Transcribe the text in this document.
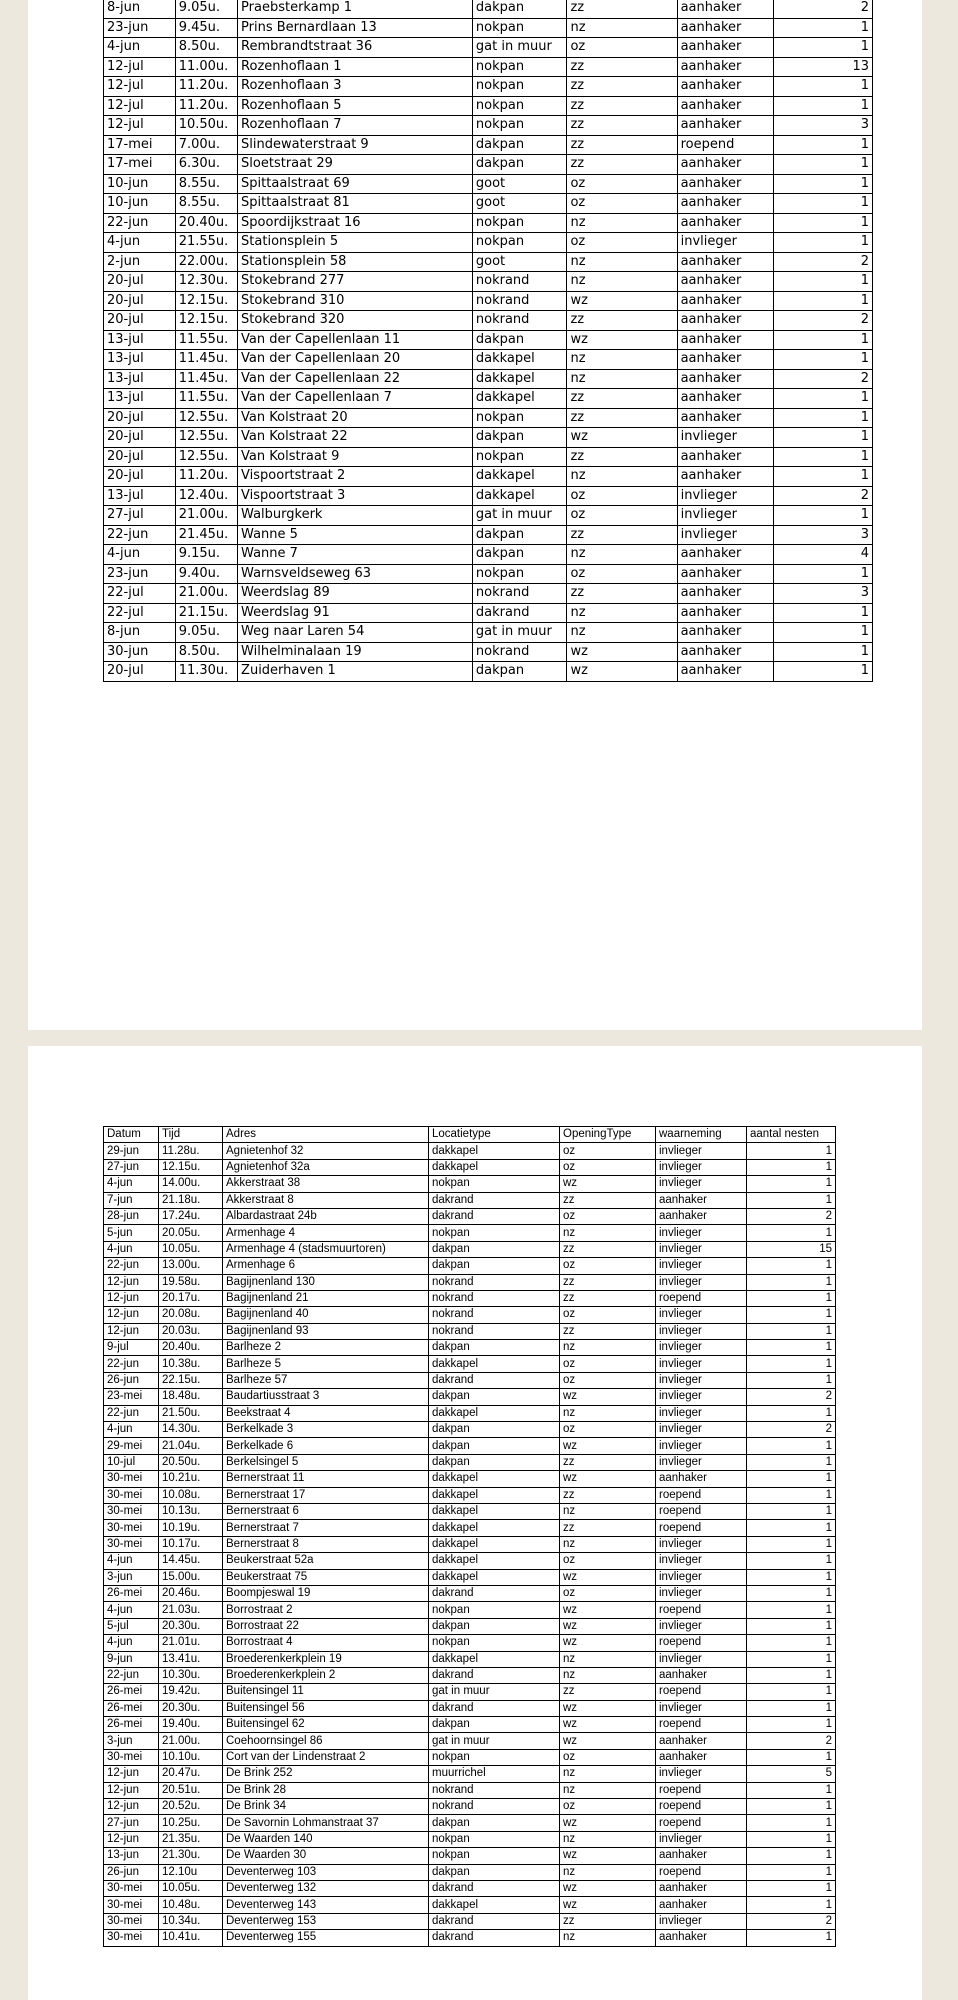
8-jun	9.05u.	Praebsterkamp 1	dakpan	zz	aanhaker	2
23-jun	9.45u.	Prins Bernardlaan 13	nokpan	nz	aanhaker	1
4-jun	8.50u.	Rembrandtstraat 36	gat in muur	oz	aanhaker	1
12-jul	11.00u.	Rozenhoflaan 1	nokpan	zz	aanhaker	13
12-jul	11.20u.	Rozenhoflaan 3	nokpan	zz	aanhaker	1
12-jul	11.20u.	Rozenhoflaan 5	nokpan	zz	aanhaker	1
12-jul	10.50u.	Rozenhoflaan 7	nokpan	zz	aanhaker	3
17-mei	7.00u.	Slindewaterstraat 9	dakpan	zz	roepend	1
17-mei	6.30u.	Sloetstraat 29	dakpan	zz	aanhaker	1
10-jun	8.55u.	Spittaalstraat 69	goot	oz	aanhaker	1
10-jun	8.55u.	Spittaalstraat 81	goot	oz	aanhaker	1
22-jun	20.40u.	Spoordijkstraat 16	nokpan	nz	aanhaker	1
4-jun	21.55u.	Stationsplein 5	nokpan	oz	invlieger	1
2-jun	22.00u.	Stationsplein 58	goot	nz	aanhaker	2
20-jul	12.30u.	Stokebrand 277	nokrand	nz	aanhaker	1
20-jul	12.15u.	Stokebrand 310	nokrand	wz	aanhaker	1
20-jul	12.15u.	Stokebrand 320	nokrand	zz	aanhaker	2
13-jul	11.55u.	Van der Capellenlaan 11	dakpan	wz	aanhaker	1
13-jul	11.45u.	Van der Capellenlaan 20	dakkapel	nz	aanhaker	1
13-jul	11.45u.	Van der Capellenlaan 22	dakkapel	nz	aanhaker	2
13-jul	11.55u.	Van der Capellenlaan 7	dakkapel	zz	aanhaker	1
20-jul	12.55u.	Van Kolstraat 20	nokpan	zz	aanhaker	1
20-jul	12.55u.	Van Kolstraat 22	dakpan	wz	invlieger	1
20-jul	12.55u.	Van Kolstraat 9	nokpan	zz	aanhaker	1
20-jul	11.20u.	Vispoortstraat 2	dakkapel	nz	aanhaker	1
13-jul	12.40u.	Vispoortstraat 3	dakkapel	oz	invlieger	2
27-jul	21.00u.	Walburgkerk	gat in muur	oz	invlieger	1
22-jun	21.45u.	Wanne 5	dakpan	zz	invlieger	3
4-jun	9.15u.	Wanne 7	dakpan	nz	aanhaker	4
23-jun	9.40u.	Warnsveldseweg 63	nokpan	oz	aanhaker	1
22-jul	21.00u.	Weerdslag 89	nokrand	zz	aanhaker	3
22-jul	21.15u.	Weerdslag 91	dakrand	nz	aanhaker	1
8-jun	9.05u.	Weg naar Laren 54	gat in muur	nz	aanhaker	1
30-jun	8.50u.	Wilhelminalaan 19	nokrand	wz	aanhaker	1
20-jul	11.30u.	Zuiderhaven 1	dakpan	wz	aanhaker	1
Datum	Tijd	Adres	Locatietype	OpeningType	waarneming	aantal nesten
29-jun	11.28u.	Agnietenhof 32	dakkapel	oz	invlieger	1
27-jun	12.15u.	Agnietenhof 32a	dakkapel	oz	invlieger	1
4-jun	14.00u.	Akkerstraat 38	nokpan	wz	invlieger	1
7-jun	21.18u.	Akkerstraat 8	dakrand	zz	aanhaker	1
28-jun	17.24u.	Albardastraat 24b	dakrand	oz	aanhaker	2
5-jun	20.05u.	Armenhage 4	nokpan	nz	invlieger	1
4-jun	10.05u.	Armenhage 4 (stadsmuurtoren)	dakpan	zz	invlieger	15
22-jun	13.00u.	Armenhage 6	dakpan	oz	invlieger	1
12-jun	19.58u.	Bagijnenland 130	nokrand	zz	invlieger	1
12-jun	20.17u.	Bagijnenland 21	nokrand	zz	roepend	1
12-jun	20.08u.	Bagijnenland 40	nokrand	oz	invlieger	1
12-jun	20.03u.	Bagijnenland 93	nokrand	zz	invlieger	1
9-jul	20.40u.	Barlheze 2	dakpan	nz	invlieger	1
22-jun	10.38u.	Barlheze 5	dakkapel	oz	invlieger	1
26-jun	22.15u.	Barlheze 57	dakrand	oz	invlieger	1
23-mei	18.48u.	Baudartiusstraat 3	dakpan	wz	invlieger	2
22-jun	21.50u.	Beekstraat 4	dakkapel	nz	invlieger	1
4-jun	14.30u.	Berkelkade 3	dakpan	oz	invlieger	2
29-mei	21.04u.	Berkelkade 6	dakpan	wz	invlieger	1
10-jul	20.50u.	Berkelsingel 5	dakpan	zz	invlieger	1
30-mei	10.21u.	Bernerstraat 11	dakkapel	wz	aanhaker	1
30-mei	10.08u.	Bernerstraat 17	dakkapel	zz	roepend	1
30-mei	10.13u.	Bernerstraat 6	dakkapel	nz	roepend	1
30-mei	10.19u.	Bernerstraat 7	dakkapel	zz	roepend	1
30-mei	10.17u.	Bernerstraat 8	dakkapel	nz	invlieger	1
4-jun	14.45u.	Beukerstraat 52a	dakkapel	oz	invlieger	1
3-jun	15.00u.	Beukerstraat 75	dakkapel	wz	invlieger	1
26-mei	20.46u.	Boompjeswal 19	dakrand	oz	invlieger	1
4-jun	21.03u.	Borrostraat 2	nokpan	wz	roepend	1
5-jul	20.30u.	Borrostraat 22	dakpan	wz	invlieger	1
4-jun	21.01u.	Borrostraat 4	nokpan	wz	roepend	1
9-jun	13.41u.	Broederenkerkplein 19	dakkapel	nz	invlieger	1
22-jun	10.30u.	Broederenkerkplein 2	dakrand	nz	aanhaker	1
26-mei	19.42u.	Buitensingel 11	gat in muur	zz	roepend	1
26-mei	20.30u.	Buitensingel 56	dakrand	wz	invlieger	1
26-mei	19.40u.	Buitensingel 62	dakpan	wz	roepend	1
3-jun	21.00u.	Coehoornsingel 86	gat in muur	wz	aanhaker	2
30-mei	10.10u.	Cort van der Lindenstraat 2	nokpan	oz	aanhaker	1
12-jun	20.47u.	De Brink 252	muurrichel	nz	invlieger	5
12-jun	20.51u.	De Brink 28	nokrand	nz	roepend	1
12-jun	20.52u.	De Brink 34	nokrand	oz	roepend	1
27-jun	10.25u.	De Savornin Lohmanstraat 37	dakpan	wz	roepend	1
12-jun	21.35u.	De Waarden 140	nokpan	nz	invlieger	1
13-jun	21.30u.	De Waarden 30	nokpan	wz	aanhaker	1
26-jun	12.10u	Deventerweg 103	dakpan	nz	roepend	1
30-mei	10.05u.	Deventerweg 132	dakrand	wz	aanhaker	1
30-mei	10.48u.	Deventerweg 143	dakkapel	wz	aanhaker	1
30-mei	10.34u.	Deventerweg 153	dakrand	zz	invlieger	2
30-mei	10.41u.	Deventerweg 155	dakrand	nz	aanhaker	1
